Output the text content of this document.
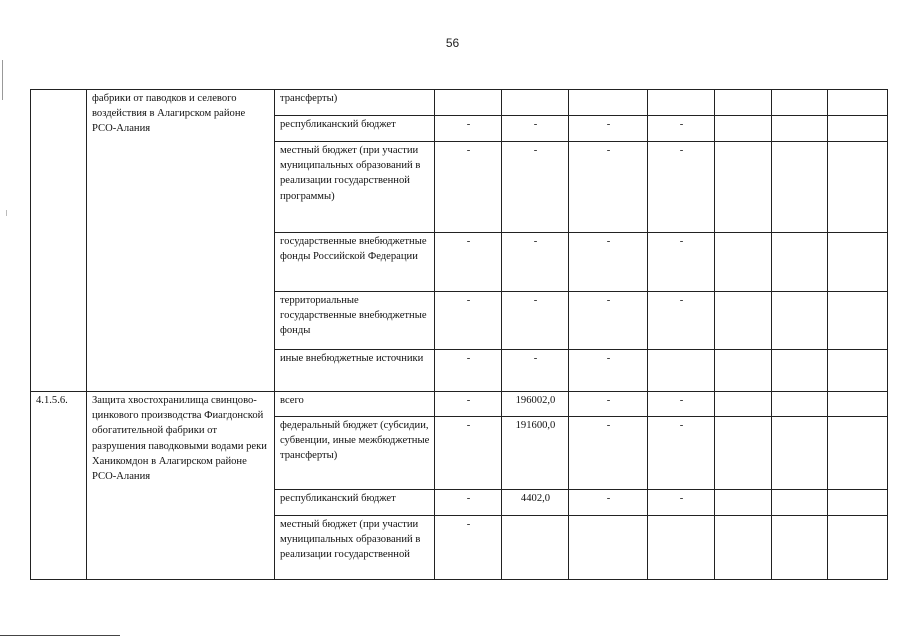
56
	фабрики от паводков и селевого воздействия в Алагирском районе РСО-Алания	трансферты)							
		республиканский бюджет	-	-	-	-			
		местный бюджет (при участии муниципальных образований в реализации государственной программы)	-	-	-	-			
		государственные внебюджетные фонды Российской Федерации	-	-	-	-			
		территориальные государственные внебюджетные фонды	-	-	-	-			
		иные внебюджетные источники	-	-	-				
4.1.5.6.	Защита хвостохранилища свинцово-цинкового производства Фиагдонской обогатительной фабрики от разрушения паводковыми водами реки Ханикомдон в Алагирском районе РСО-Алания	всего	-	196002,0	-	-			
		федеральный бюджет (субсидии, субвенции, иные межбюджетные трансферты)	-	191600,0	-	-			
		республиканский бюджет	-	4402,0	-	-			
		местный бюджет (при участии муниципальных образований в реализации государственной	-						
